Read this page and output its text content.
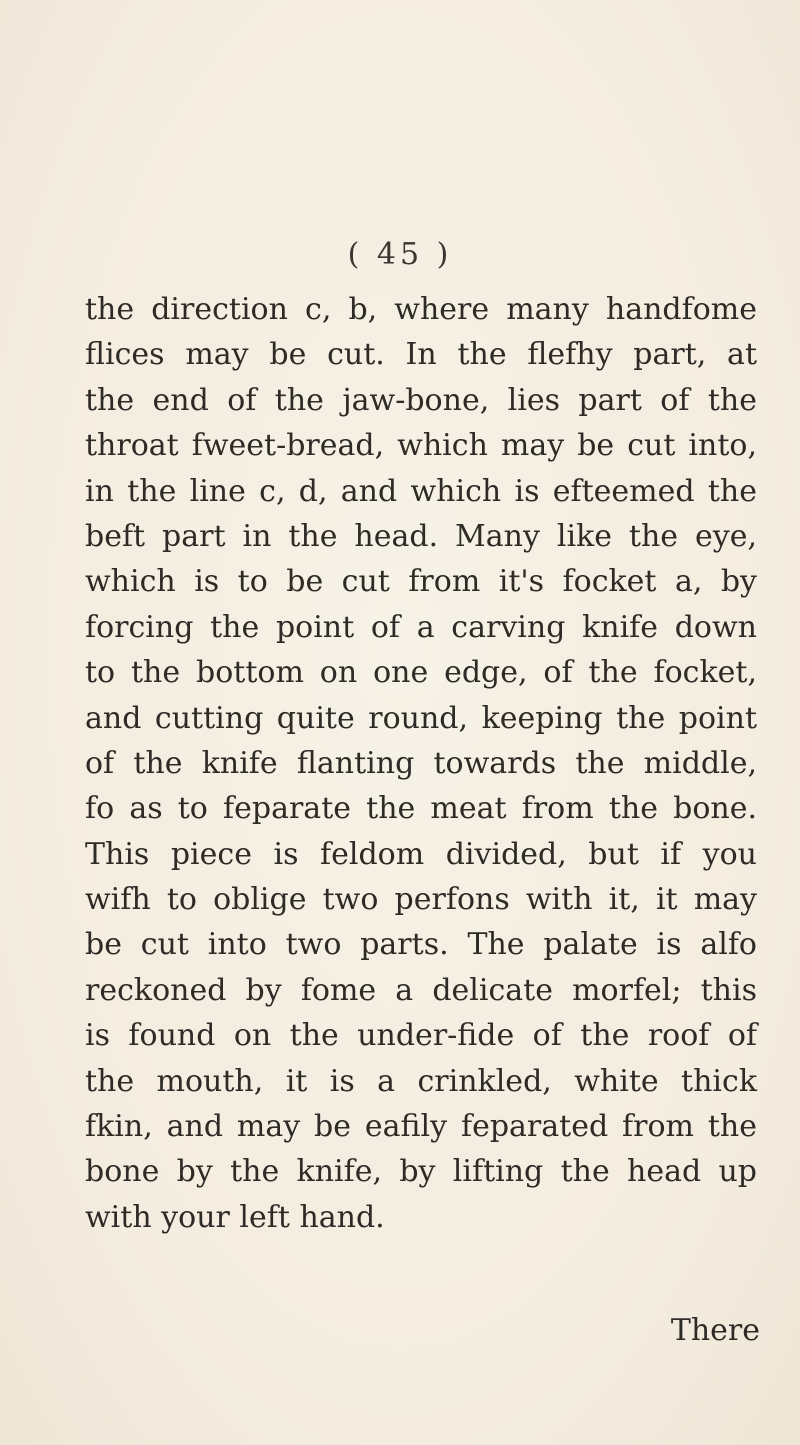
( 45 )
the direction c, b, where many handfome
flices may be cut. In the flefhy part, at
the end of the jaw-bone, lies part of the
throat fweet-bread, which may be cut into,
in the line c, d, and which is efteemed the
beft part in the head. Many like the eye,
which is to be cut from it's focket a, by
forcing the point of a carving knife down
to the bottom on one edge, of the focket,
and cutting quite round, keeping the point
of the knife flanting towards the middle,
fo as to feparate the meat from the bone.
This piece is feldom divided, but if you
wifh to oblige two perfons with it, it may
be cut into two parts. The palate is alfo
reckoned by fome a delicate morfel; this
is found on the under-fide of the roof of
the mouth, it is a crinkled, white thick
fkin, and may be eafily feparated from the
bone by the knife, by lifting the head up
with your left hand.
There
